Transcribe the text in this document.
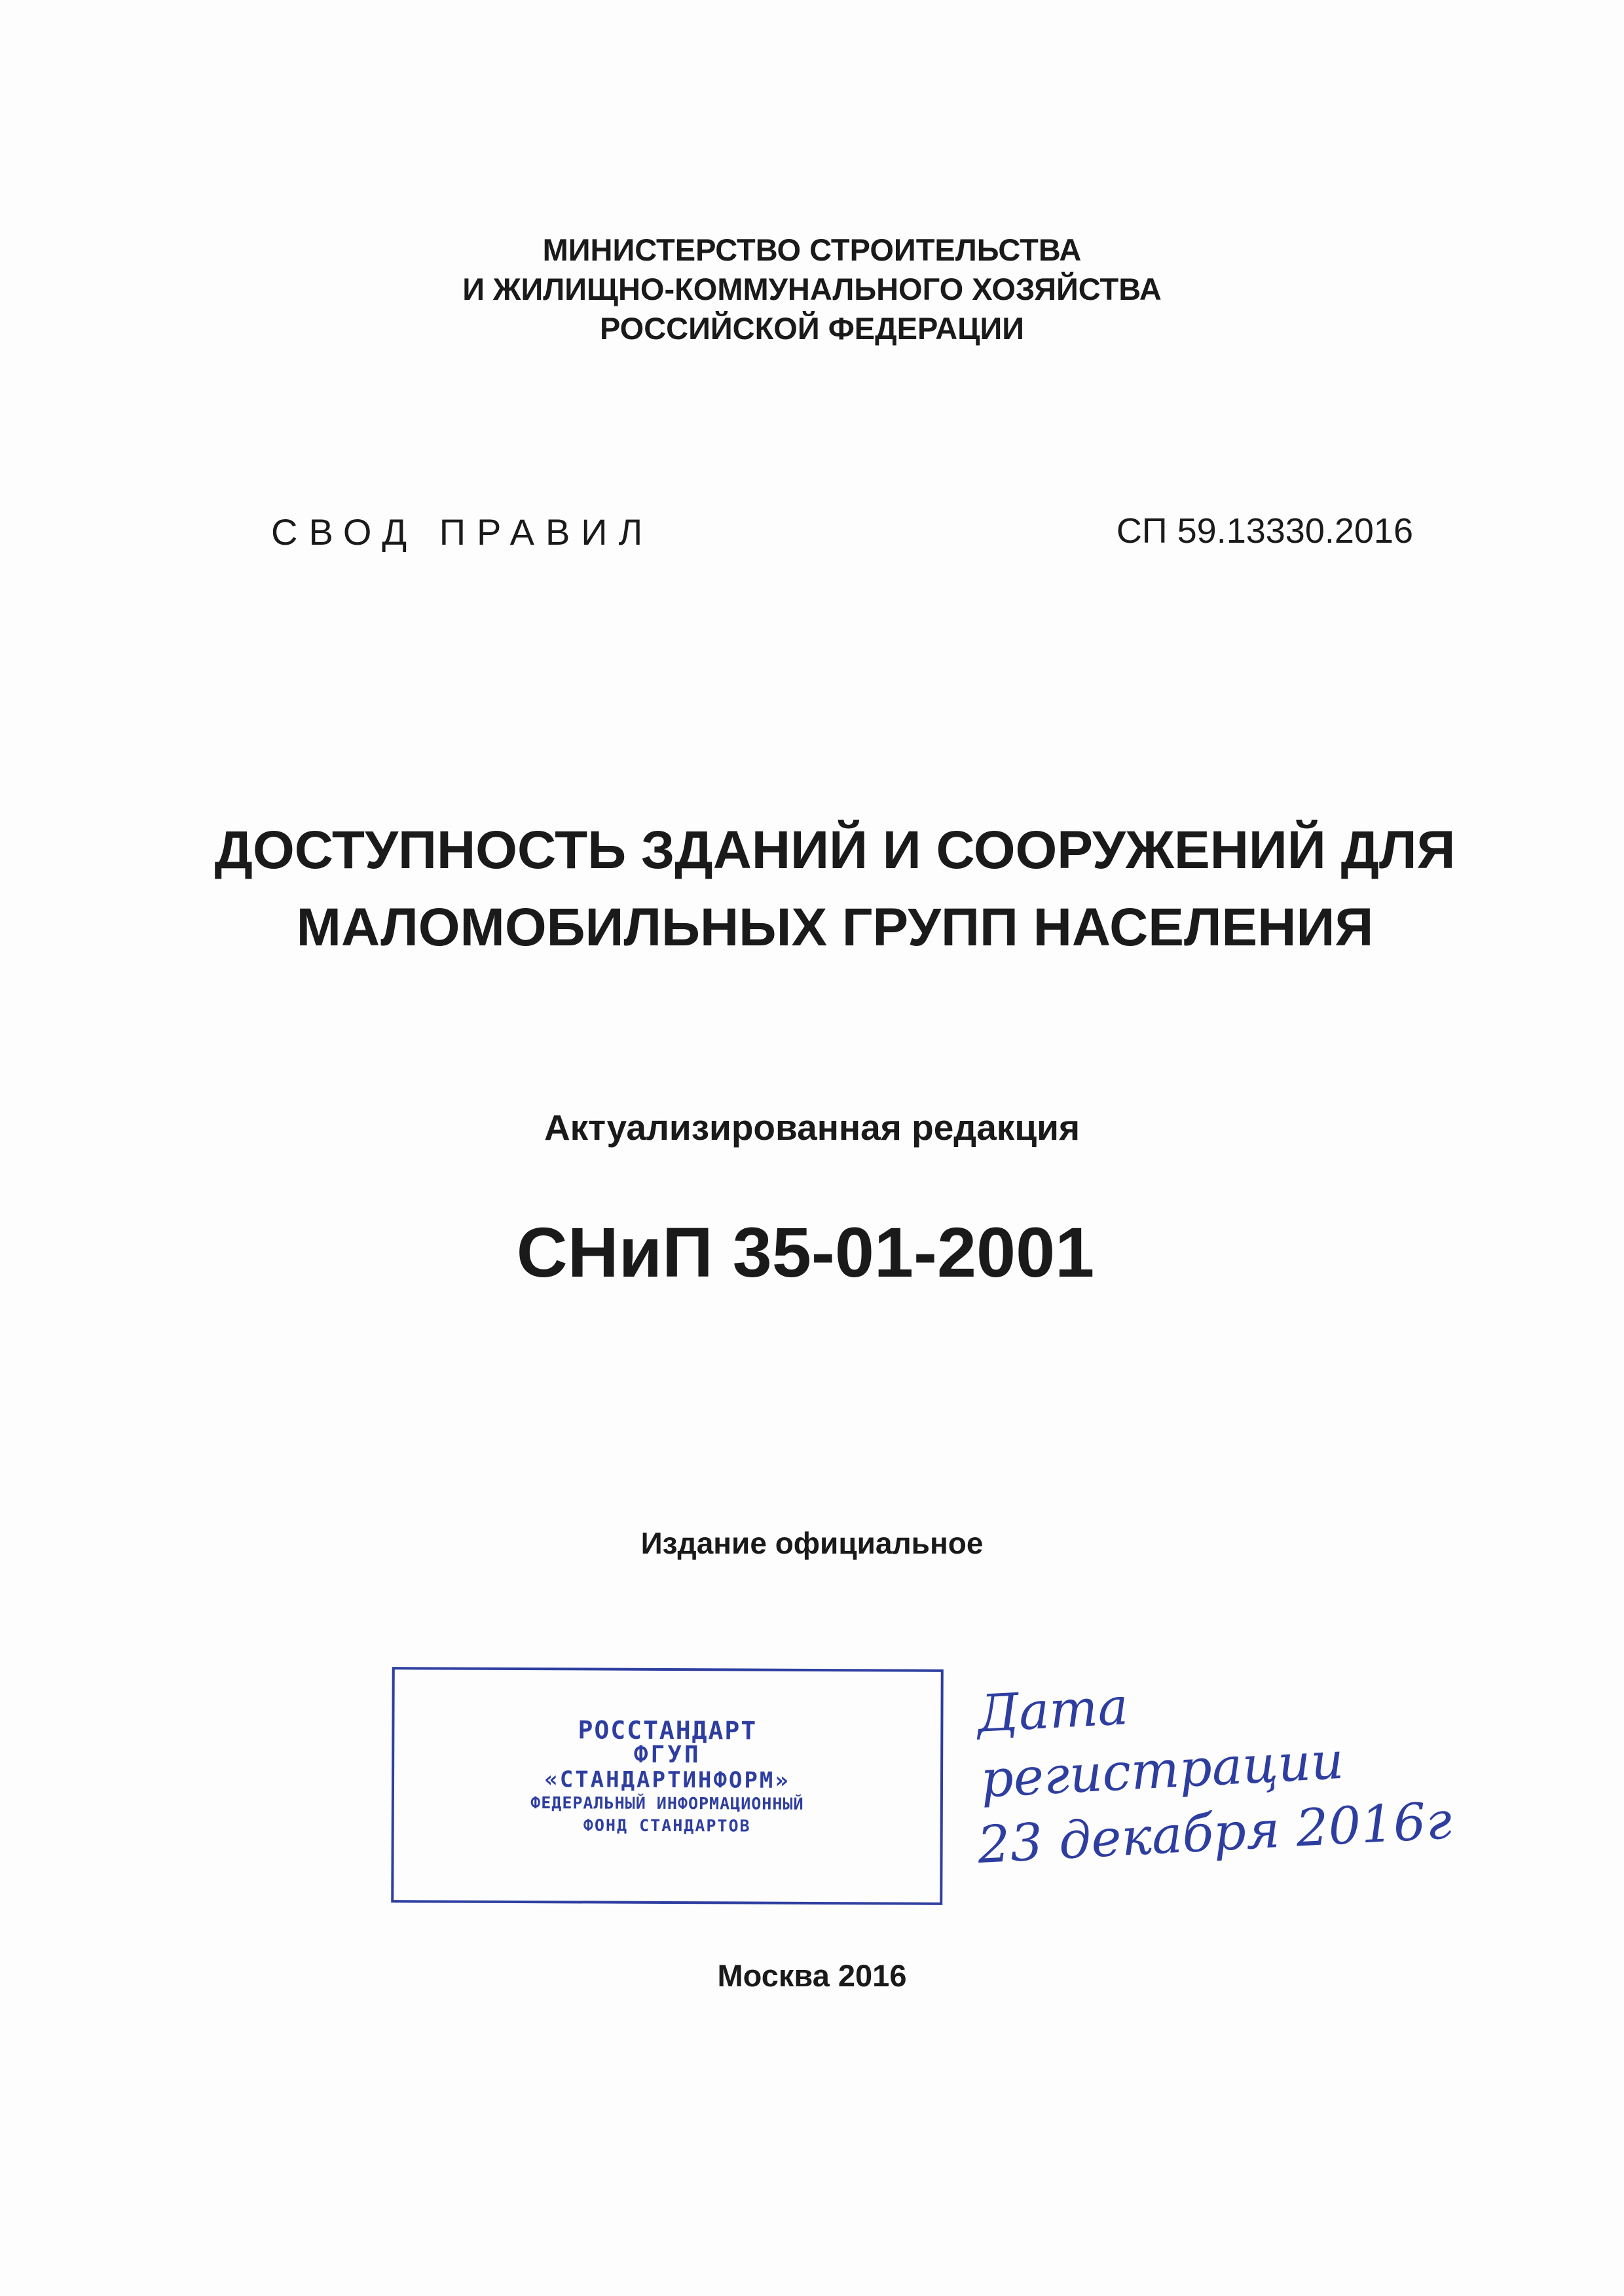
МИНИСТЕРСТВО СТРОИТЕЛЬСТВА
И ЖИЛИЩНО-КОММУНАЛЬНОГО ХОЗЯЙСТВА
РОССИЙСКОЙ ФЕДЕРАЦИИ
СВОД ПРАВИЛ	СП 59.13330.2016
ДОСТУПНОСТЬ ЗДАНИЙ И СООРУЖЕНИЙ ДЛЯ
МАЛОМОБИЛЬНЫХ ГРУПП НАСЕЛЕНИЯ
Актуализированная редакция
СНиП 35-01-2001
Издание официальное
РОССТАНДАРТ
ФГУП
«СТАНДАРТИНФОРМ»
ФЕДЕРАЛЬНЫЙ ИНФОРМАЦИОННЫЙ
ФОНД СТАНДАРТОВ
Дата регистрации
23 декабря 2016г
Москва 2016
